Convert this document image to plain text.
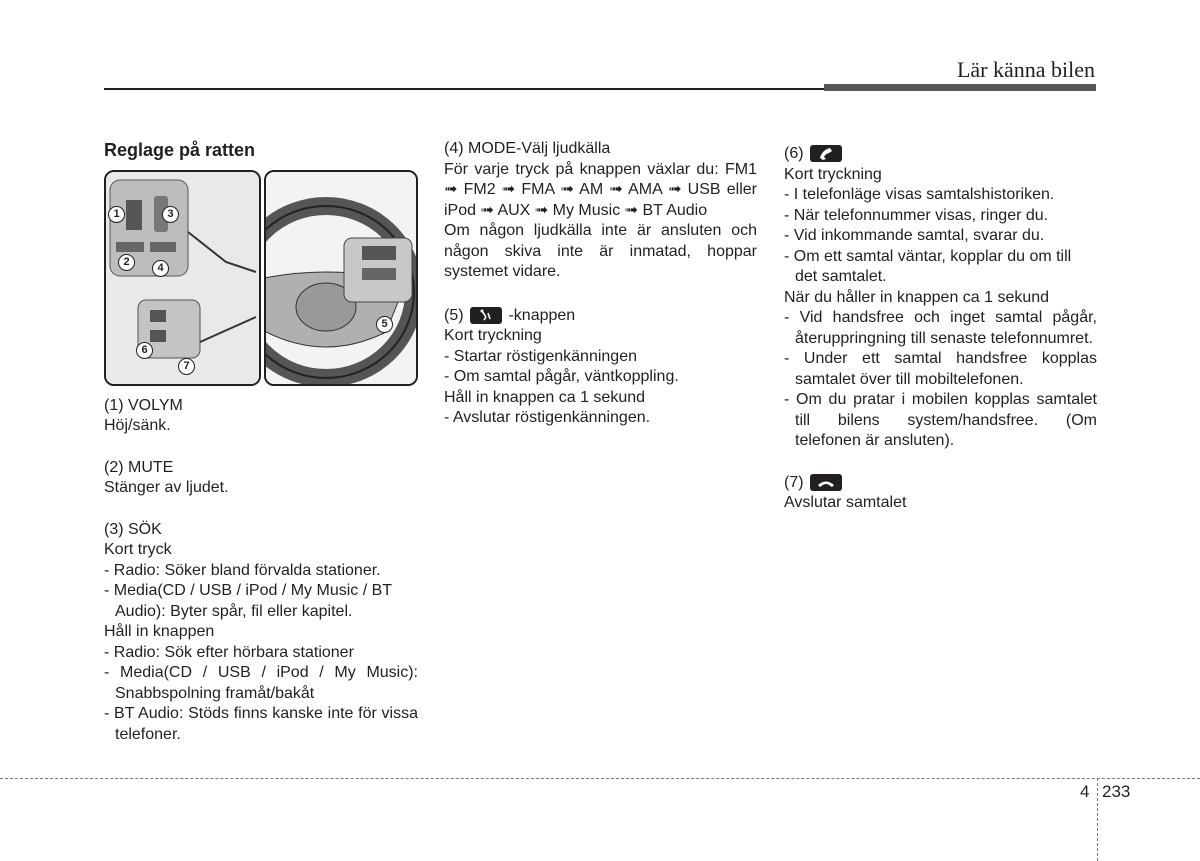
Lär känna bilen
Reglage på ratten
1	3
2	4
5
6
7

(1) VOLYM

Höj/sänk.

(2) MUTE

Stänger av ljudet.

(3) SÖK

Kort tryck

- Radio: Söker bland förvalda stationer.

- Media(CD / USB / iPod / My Music / BT Audio): Byter spår, fil eller kapitel.

Håll in knappen

- Radio: Sök efter hörbara stationer

- Media(CD / USB / iPod / My Music): Snabbspolning framåt/bakåt

- BT Audio: Stöds finns kanske inte för vissa telefoner.

(4) MODE-Välj ljudkälla

För varje tryck på knappen växlar du: FM1 ➟ FM2 ➟ FMA ➟ AM ➟ AMA ➟ USB eller iPod ➟ AUX ➟ My Music ➟ BT Audio

Om någon ljudkälla inte är ansluten och någon skiva inte är inmatad, hoppar systemet vidare.

(5)	-knappen

Kort tryckning

- Startar röstigenkänningen

- Om samtal pågår, väntkoppling.

Håll in knappen ca 1 sekund

- Avslutar röstigenkänningen.

(6)

Kort tryckning

- I telefonläge visas samtalshistoriken.

- När telefonnummer visas, ringer du.

- Vid inkommande samtal, svarar du.

- Om ett samtal väntar, kopplar du om till det samtalet.

När du håller in knappen ca 1 sekund

- Vid handsfree och inget samtal pågår, återuppringning till senaste telefonnumret.

- Under ett samtal handsfree kopplas samtalet över till mobiltelefonen.

- Om du pratar i mobilen kopplas samtalet till bilens system/handsfree. (Om telefonen är ansluten).

(7)

Avslutar samtalet

4 233
